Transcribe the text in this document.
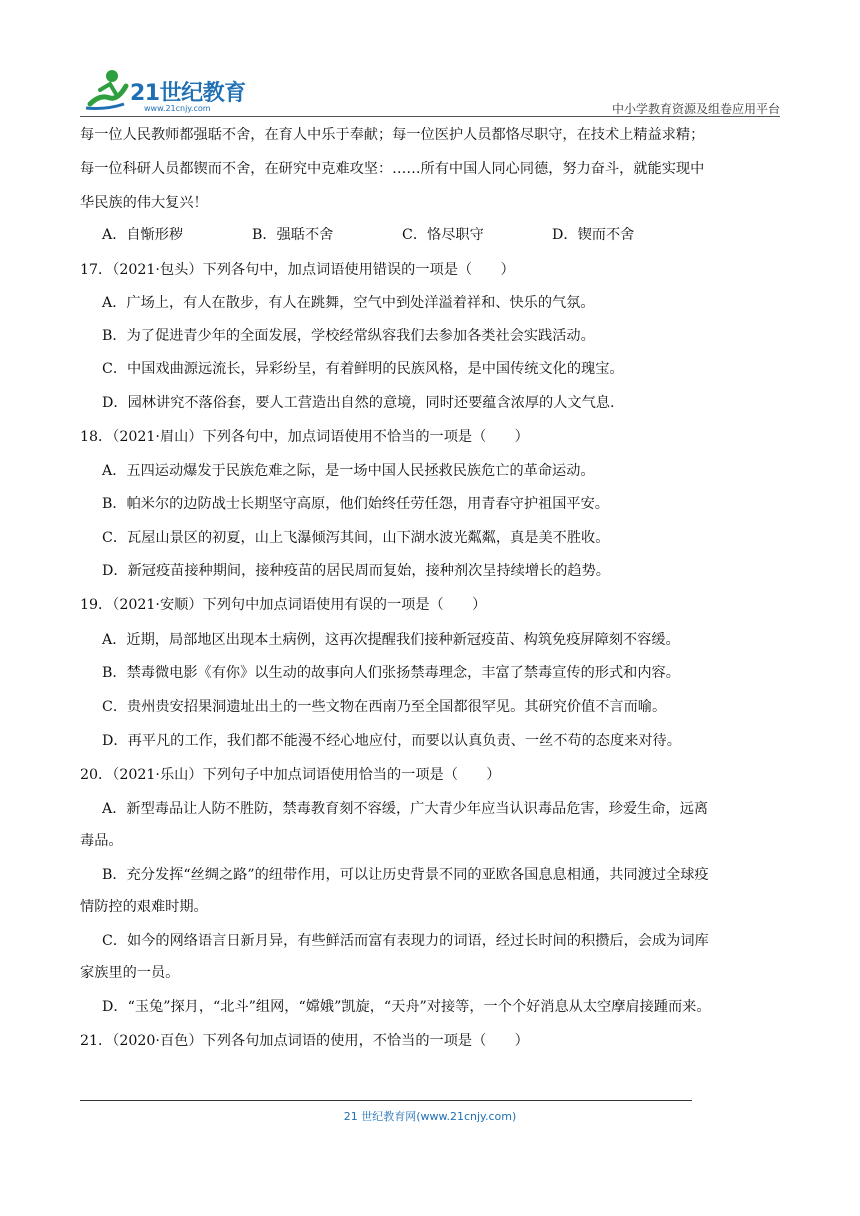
21世纪教育
www.21cnjy.com	中小学教育资源及组卷应用平台
每一位人民教师都强聒不舍，在育人中乐于奉献；每一位医护人员都恪尽职守，在技术上精益求精；
每一位科研人员都锲而不舍，在研究中克难攻坚：……所有中国人同心同德，努力奋斗，就能实现中
华民族的伟大复兴！
A．自惭形秽	B．强聒不舍	C．恪尽职守	D．锲而不舍
17．（2021·包头）下列各句中，加点词语使用错误的一项是（　　）
A．广场上，有人在散步，有人在跳舞，空气中到处洋溢着祥和、快乐的气氛。
B．为了促进青少年的全面发展，学校经常纵容我们去参加各类社会实践活动。
C．中国戏曲源远流长，异彩纷呈，有着鲜明的民族风格，是中国传统文化的瑰宝。
D．园林讲究不落俗套，要人工营造出自然的意境，同时还要蕴含浓厚的人文气息.
18．（2021·眉山）下列各句中，加点词语使用不恰当的一项是（　　）
A．五四运动爆发于民族危难之际，是一场中国人民拯救民族危亡的革命运动。
B．帕米尔的边防战士长期坚守高原，他们始终任劳任怨，用青春守护祖国平安。
C．瓦屋山景区的初夏，山上飞瀑倾泻其间，山下湖水波光粼粼，真是美不胜收。
D．新冠疫苗接种期间，接种疫苗的居民周而复始，接种剂次呈持续增长的趋势。
19．（2021·安顺）下列句中加点词语使用有误的一项是（　　）
A．近期，局部地区出现本土病例，这再次提醒我们接种新冠疫苗、构筑免疫屏障刻不容缓。
B．禁毒微电影《有你》以生动的故事向人们张扬禁毒理念，丰富了禁毒宣传的形式和内容。
C．贵州贵安招果洞遗址出土的一些文物在西南乃至全国都很罕见。其研究价值不言而喻。
D．再平凡的工作，我们都不能漫不经心地应付，而要以认真负责、一丝不苟的态度来对待。
20．（2021·乐山）下列句子中加点词语使用恰当的一项是（　　）
A．新型毒品让人防不胜防，禁毒教育刻不容缓，广大青少年应当认识毒品危害，珍爱生命，远离
毒品。
B．充分发挥“丝绸之路”的纽带作用，可以让历史背景不同的亚欧各国息息相通，共同渡过全球疫
情防控的艰难时期。
C．如今的网络语言日新月异，有些鲜活而富有表现力的词语，经过长时间的积攒后，会成为词库
家族里的一员。
D．“玉兔”探月，“北斗”组网，“嫦娥”凯旋，“天舟”对接等，一个个好消息从太空摩肩接踵而来。
21．（2020·百色）下列各句加点词语的使用，不恰当的一项是（　　）
21 世纪教育网(www.21cnjy.com)
